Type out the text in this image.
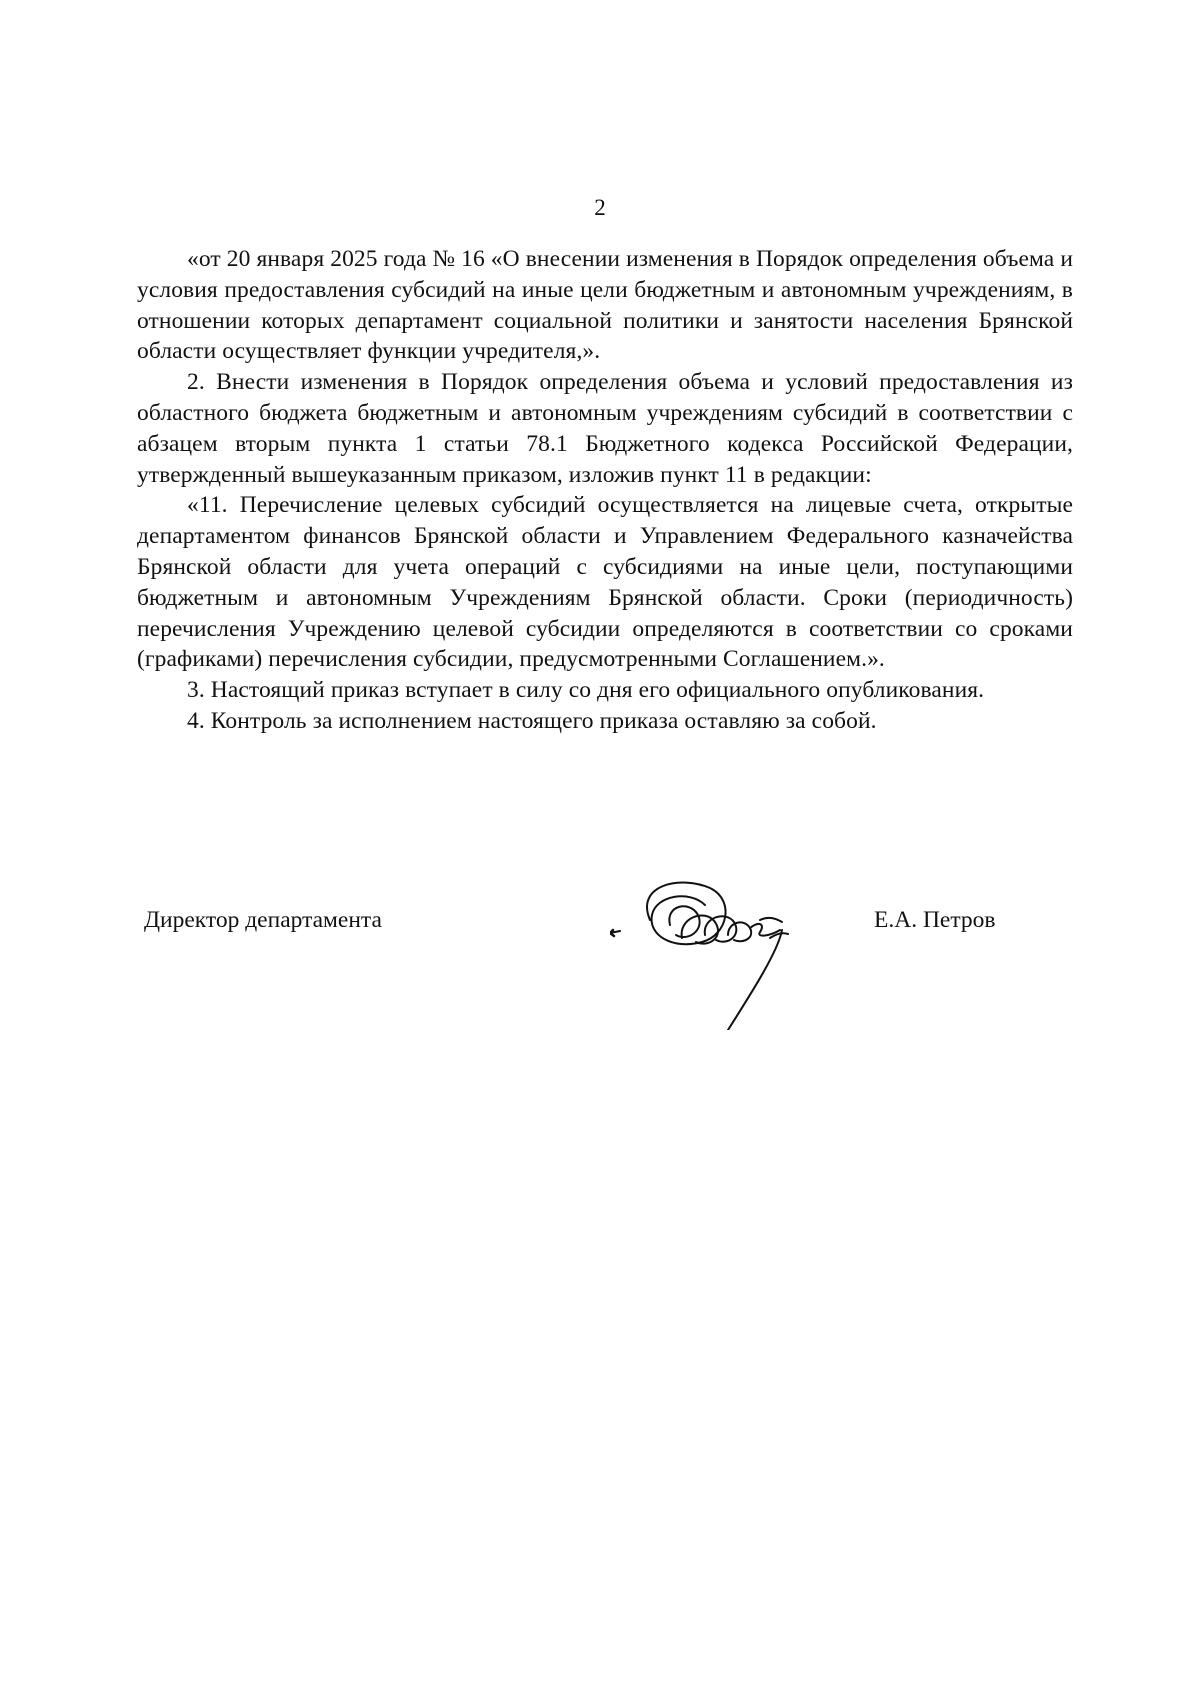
2

«от 20 января 2025 года № 16 «О внесении изменения в Порядок определения объема и условия предоставления субсидий на иные цели бюджетным и автономным учреждениям, в отношении которых департамент социальной политики и занятости населения Брянской области осуществляет функции учредителя,».

2. Внести изменения в Порядок определения объема и условий предоставления из областного бюджета бюджетным и автономным учреждениям субсидий в соответствии с абзацем вторым пункта 1 статьи 78.1 Бюджетного кодекса Российской Федерации, утвержденный вышеуказанным приказом, изложив пункт 11 в редакции:

«11. Перечисление целевых субсидий осуществляется на лицевые счета, открытые департаментом финансов Брянской области и Управлением Федерального казначейства Брянской области для учета операций с субсидиями на иные цели, поступающими бюджетным и автономным Учреждениям Брянской области. Сроки (периодичность) перечисления Учреждению целевой субсидии определяются в соответствии со сроками (графиками) перечисления субсидии, предусмотренными Соглашением.».

3. Настоящий приказ вступает в силу со дня его официального опубликования.

4. Контроль за исполнением настоящего приказа оставляю за собой.

Директор департамента	Е.А. Петров
